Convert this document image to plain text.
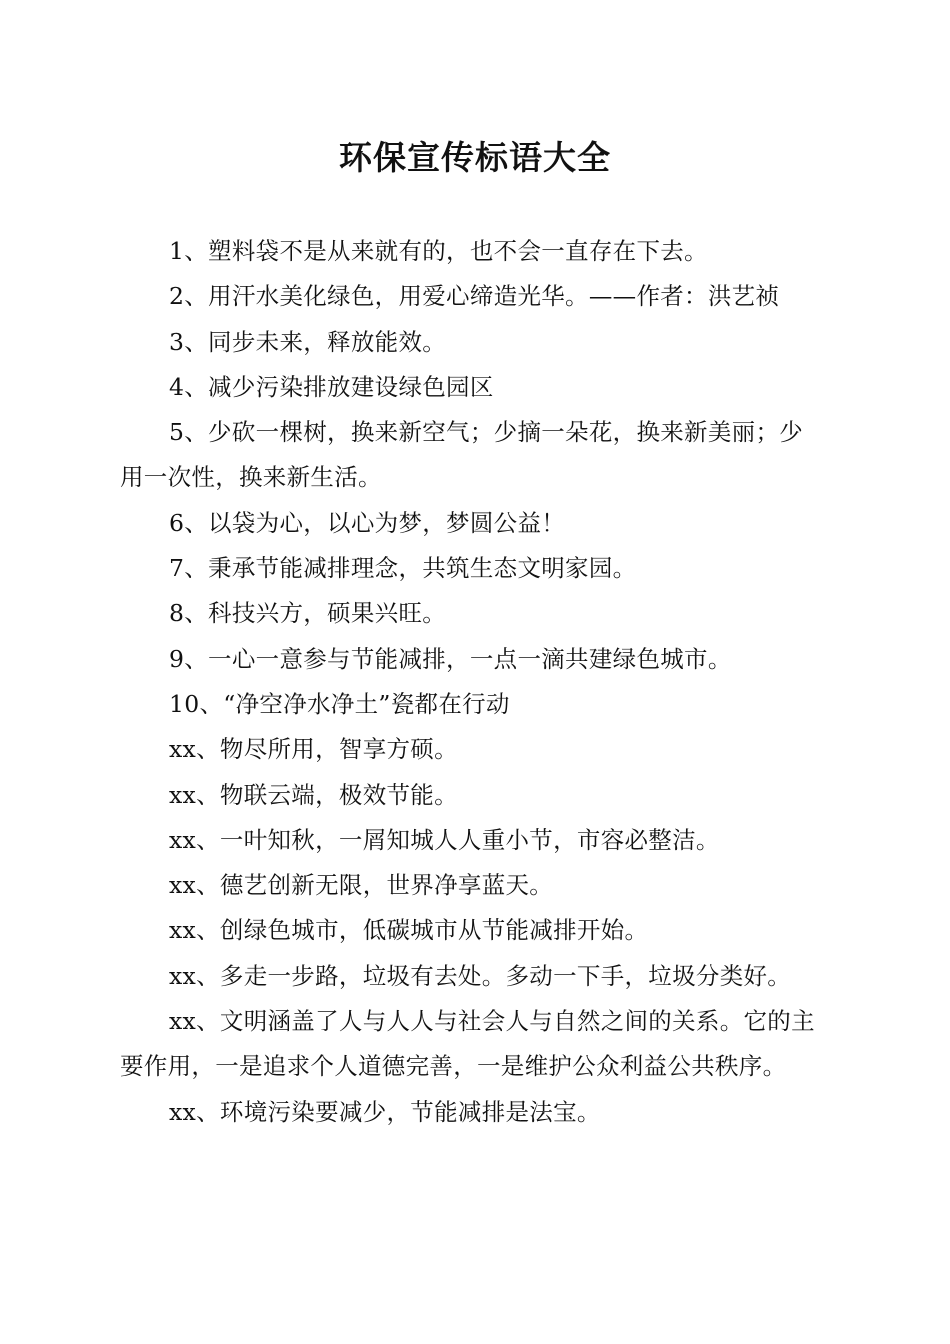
环保宣传标语大全

1、塑料袋不是从来就有的，也不会一直存在下去。

2、用汗水美化绿色，用爱心缔造光华。——作者：洪艺祯

3、同步未来，释放能效。

4、减少污染排放建设绿色园区

5、少砍一棵树，换来新空气；少摘一朵花，换来新美丽；少用一次性，换来新生活。

6、以袋为心，以心为梦，梦圆公益！

7、秉承节能减排理念，共筑生态文明家园。

8、科技兴方，硕果兴旺。

9、一心一意参与节能减排，一点一滴共建绿色城市。

10、“净空净水净土”瓷都在行动

xx、物尽所用，智享方硕。

xx、物联云端，极效节能。

xx、一叶知秋，一屑知城人人重小节，市容必整洁。

xx、德艺创新无限，世界净享蓝天。

xx、创绿色城市，低碳城市从节能减排开始。

xx、多走一步路，垃圾有去处。多动一下手，垃圾分类好。

xx、文明涵盖了人与人人与社会人与自然之间的关系。它的主要作用，一是追求个人道德完善，一是维护公众利益公共秩序。

xx、环境污染要减少，节能减排是法宝。
